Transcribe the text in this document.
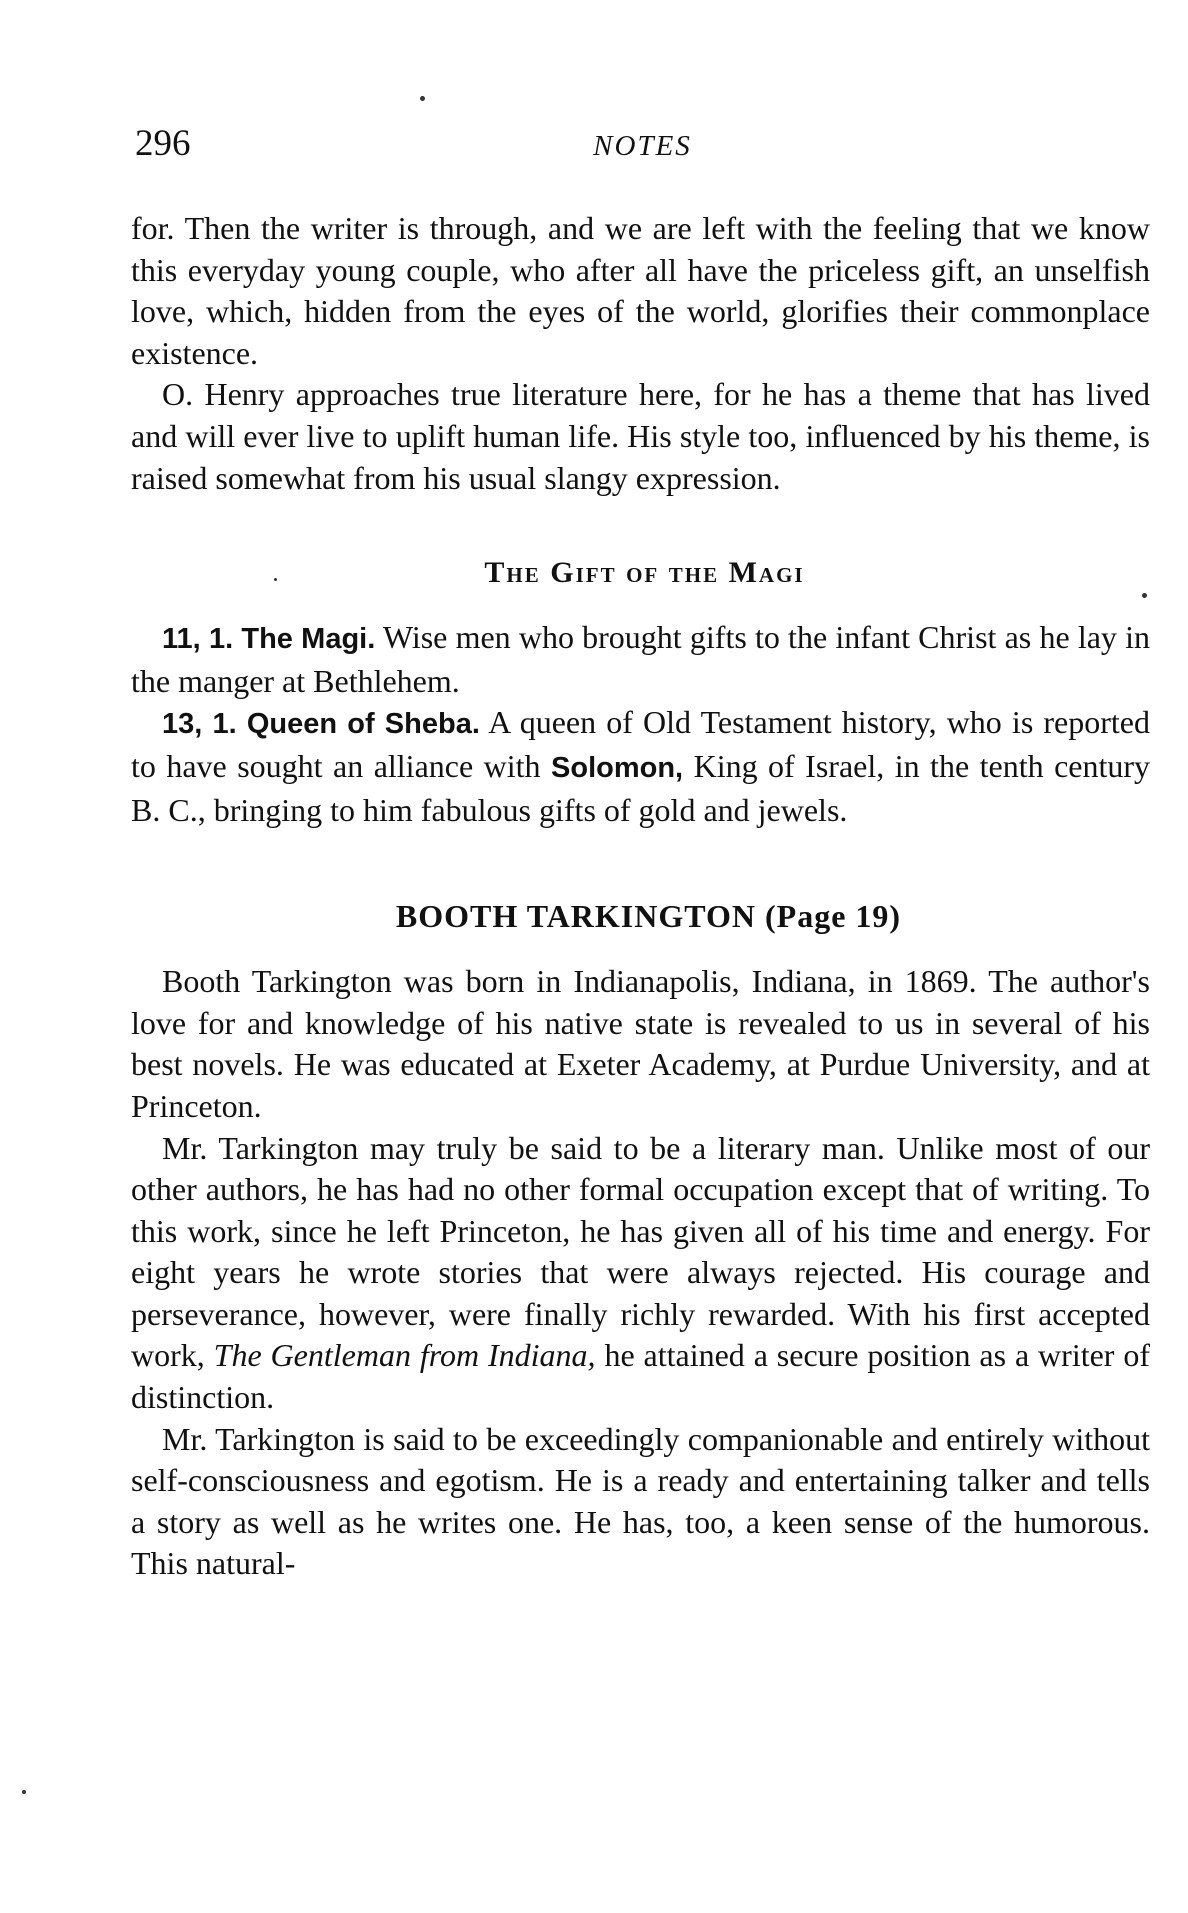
296	NOTES

for. Then the writer is through, and we are left with the feeling that we know this everyday young couple, who after all have the priceless gift, an unselfish love, which, hidden from the eyes of the world, glorifies their commonplace existence.

O. Henry approaches true literature here, for he has a theme that has lived and will ever live to uplift human life. His style too, influenced by his theme, is raised somewhat from his usual slangy expression.

The Gift of the Magi

11, 1. The Magi. Wise men who brought gifts to the infant Christ as he lay in the manger at Bethlehem.

13, 1. Queen of Sheba. A queen of Old Testament history, who is reported to have sought an alliance with Solomon, King of Israel, in the tenth century B. C., bringing to him fabulous gifts of gold and jewels.

BOOTH TARKINGTON (Page 19)

Booth Tarkington was born in Indianapolis, Indiana, in 1869. The author's love for and knowledge of his native state is revealed to us in several of his best novels. He was educated at Exeter Academy, at Purdue University, and at Princeton.

Mr. Tarkington may truly be said to be a literary man. Unlike most of our other authors, he has had no other formal occupation except that of writing. To this work, since he left Princeton, he has given all of his time and energy. For eight years he wrote stories that were always rejected. His courage and perseverance, however, were finally richly rewarded. With his first accepted work, The Gentleman from Indiana, he attained a secure position as a writer of distinction.

Mr. Tarkington is said to be exceedingly companionable and entirely without self-consciousness and egotism. He is a ready and entertaining talker and tells a story as well as he writes one. He has, too, a keen sense of the humorous. This natural-
